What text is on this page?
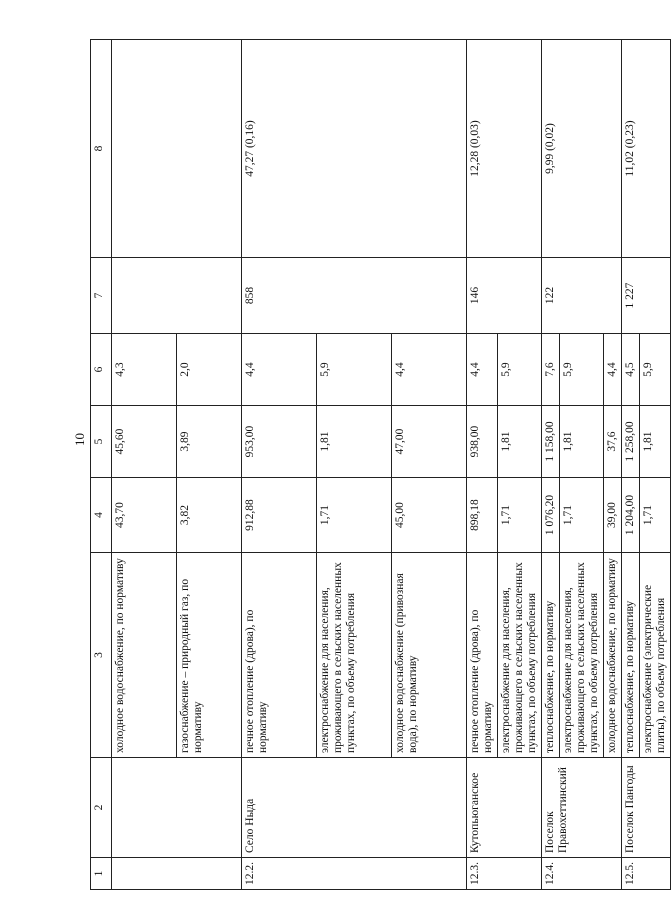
10
1	2	3	4	5	6	7	8
		холодное водоснабжение, по нормативу	43,70	45,60	4,3		
		газоснабжение – природный газ, по нормативу	3,82	3,89	2,0		
12.2.	Село Ныда	печное отопление (дрова), по нормативу	912,88	953,00	4,4	858	47,27 (0,16)
		электроснабжение для населения, проживающего в сельских населенных пунктах, по объему потребления	1,71	1,81	5,9		
		холодное водоснабжение (привозная вода), по нормативу	45,00	47,00	4,4		
12.3.	Кутопьюганское	печное отопление (дрова), по нормативу	898,18	938,00	4,4	146	12,28 (0,03)
		электроснабжение для населения, проживающего в сельских населенных пунктах, по объему потребления	1,71	1,81	5,9		
12.4.	Поселок Правохеттинский	теплоснабжение, по нормативу	1 076,20	1 158,00	7,6	122	9,99 (0,02)
		электроснабжение для населения, проживающего в сельских населенных пунктах, по объему потребления	1,71	1,81	5,9		
		холодное водоснабжение, по нормативу	39,00	37,6	4,4		
12.5.	Поселок Пангоды	теплоснабжение, по нормативу	1 204,00	1 258,00	4,5	1 227	11,02 (0,23)
		электроснабжение (электрические плиты), по объему потребления	1,71	1,81	5,9		
